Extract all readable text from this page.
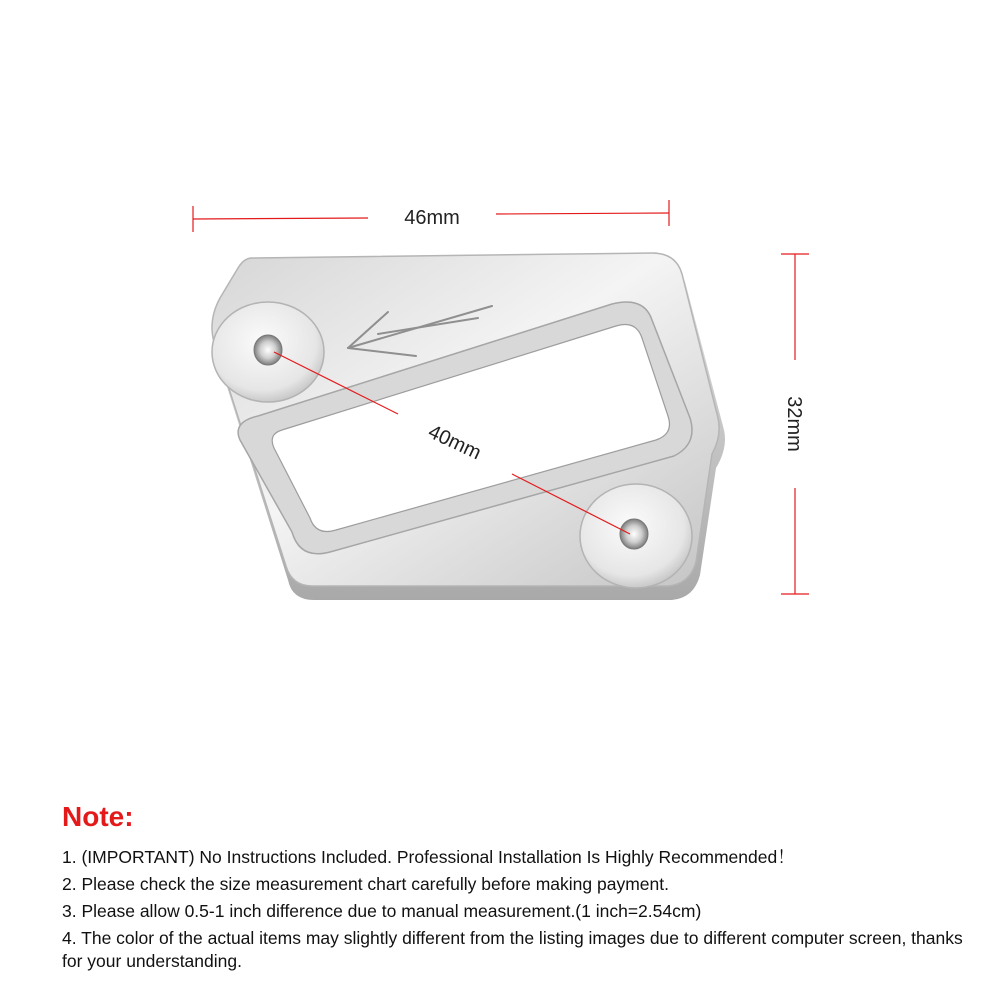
46mm
32mm
40mm
Note:
1. (IMPORTANT) No Instructions Included. Professional Installation Is Highly Recommended！
2. Please check the size measurement chart carefully before making payment.
3. Please allow 0.5-1 inch difference due to manual measurement.(1 inch=2.54cm)
4. The color of the actual items may slightly different from the listing images due to different computer screen, thanks for your understanding.
